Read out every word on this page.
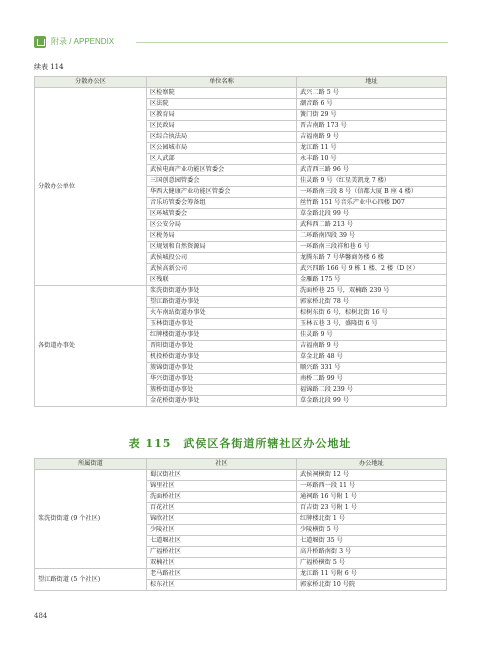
附录 / APPENDIX
续表 114
分散办公区	单位名称	地址
分散办公单位	区检察院	武兴二路 5 号
	区法院	潮音路 6 号
	区教育局	簧门街 29 号
	区民政局	晋吉南路 173 号
	区综合执法局	吉福南路 9 号
	区公园城市局	龙江路 11 号
	区人武部	永丰路 10 号
	武侯电商产业功能区管委会	武青西三路 96 号
	三国创意园管委会	佳灵路 9 号（红星美凯龙 7 楼）
	华西大健康产业功能区管委会	一环路南三段 8 号（信都大厦 B 座 4 楼）
	音乐坊管委会筹备组	丝竹路 151 号音乐产业中心四楼 D07
	区环城管委会	草金路北段 99 号
	区公安分局	武科西二路 213 号
	区税务局	二环路南四段 39 号
	区规划和自然资源局	一环路南三段祥和巷 6 号
	武侯城投公司	龙腾东路 7 号华馨商务楼 6 楼
	武侯高新公司	武兴四路 166 号 9 栋 1 楼、2 楼（D 区）
	区残联	金雁路 175 号
各街道办事处	浆洗街街道办事处	洗面桥巷 25 号，双楠路 239 号
	望江路街道办事处	郭家桥北街 78 号
	火车南站街道办事处	棕树东街 6 号，棕树北街 16 号
	玉林街道办事处	玉林五巷 3 号，盛隆街 6 号
	红牌楼街道办事处	佳灵路 9 号
	晋阳街道办事处	吉福南路 9 号
	机投桥街道办事处	草金北路 48 号
	簇锦街道办事处	顺兴路 331 号
	华兴街道办事处	南桥二路 99 号
	簇桥街道办事处	福锦路二段 239 号
	金花桥街道办事处	草金路北段 99 号
表 115　武侯区各街道所辖社区办公地址
所属街道	社区	办公地址
浆洗街街道 (9 个社区)	蜀汉街社区	武侯祠横街 12 号
	锦里社区	一环路西一段 11 号
	洗面桥社区	通祠路 16 号附 1 号
	百花社区	百吉街 23 号附 1 号
	锦欣社区	红牌楼北街 1 号
	少陵社区	少陵横街 5 号
	七道堰社区	七道堰街 35 号
	广福桥社区	高升桥路南街 3 号
	双楠社区	广福桥横街 5 号
望江路街道 (5 个社区)	老马路社区	龙江路 11 号附 6 号
	棕东社区	郭家桥北街 10 号院
484
